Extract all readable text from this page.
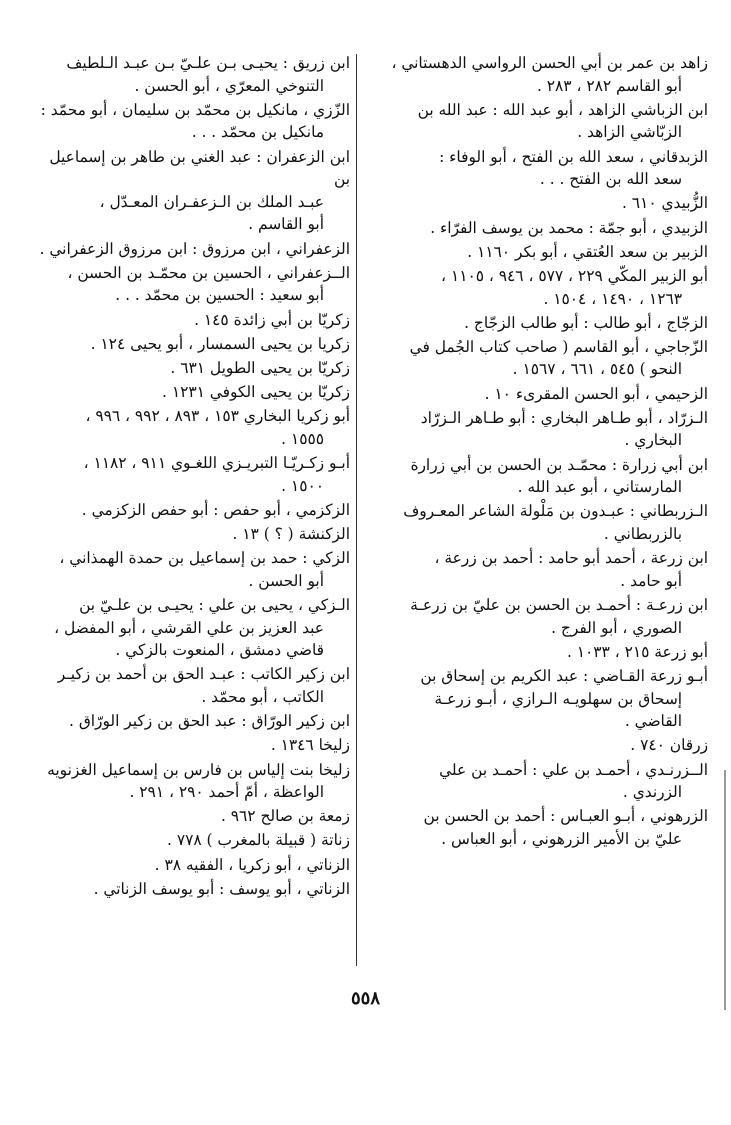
زاهد بن عمر بن أبي الحسن الرواسي الدهستاني ،
أبو القاسم ٢٨٢ ، ٢٨٣ .
ابن الزباشي الزاهد ، أبو عبد الله : عبد الله بن
الزبّاشي الزاهد .
الزبدقاني ، سعد الله بن الفتح ، أبو الوفاء :
سعد الله بن الفتح . . .
الزُّبيدي ٦١٠ .
الزبيدي ، أبو جمّة : محمد بن يوسف الفرّاء .
الزبير بن سعد العُتقي ، أبو بكر ١١٦٠ .
أبو الزبير المكّي ٢٢٩ ، ٥٧٧ ، ٩٤٦ ، ١١٠٥ ،
١٢٦٣ ، ١٤٩٠ ، ١٥٠٤ .
الزجّاج ، أبو طالب : أبو طالب الزجّاج .
الزّجاجي ، أبو القاسم ( صاحب كتاب الجُمل في
النحو ) ٥٤٥ ، ٦٦١ ، ١٥٦٧ .
الزحيمي ، أبو الحسن المقرىء ١٠ .
الـزرّاد ، أبو طـاهر البخاري : أبو طـاهر الـزرّاد
البخاري .
ابن أبي زرارة : محمّـد بن الحسن بن أبي زرارة
المارستاني ، أبو عبد الله .
الـزربطاني : عبـدون بن مَلْولة الشاعر المعـروف
بالزربطاني .
ابن زرعة ، أحمد أبو حامد : أحمد بن زرعة ،
أبو حامد .
ابن زرعـة : أحمـد بن الحسن بن عليّ بن زرعـة
الصوري ، أبو الفرج .
أبو زرعة ٢١٥ ، ١٠٣٣ .
أبـو زرعة القـاضي : عبد الكريم بن إسحاق بن
إسحاق بن سهلويـه الـرازي ، أبـو زرعـة
القاضي .
زرقان ٧٤٠ .
الــزرنـدي ، أحمـد بن علي : أحمـد بن علي
الزرندي .
الزرهوني ، أبـو العبـاس : أحمد بن الحسن بن
عليّ بن الأمير الزرهوني ، أبو العباس .
ابن زريق : يحيـى بـن علـيّ بـن عبـد الـلطيف
التنوخي المعرّي ، أبو الحسن .
الزّزي ، مانكيل بن محمّد بن سليمان ، أبو محمّد :
مانكيل بن محمّد . . .
ابن الزعفران : عبد الغني بن طاهر بن إسماعيل بن
عبـد الملك بن الـزعفـران المعـدّل ،
أبو القاسم .
الزعفراني ، ابن مرزوق : ابن مرزوق الزعفراني .
الــزعفراني ، الحسين بن محمّـد بن الحسن ،
أبو سعيد : الحسين بن محمّد . . .
زكريّا بن أبي زائدة ١٤٥ .
زكريا بن يحيى السمسار ، أبو يحيى ١٢٤ .
زكريّا بن يحيى الطويل ٦٣١ .
زكريّا بن يحيى الكوفي ١٢٣١ .
أبو زكريا البخاري ١٥٣ ، ٨٩٣ ، ٩٩٢ ، ٩٩٦ ،
١٥٥٥ .
أبـو زكـريّـا التبريـزي اللغـوي ٩١١ ، ١١٨٢ ،
١٥٠٠ .
الزكزمي ، أبو حفص : أبو حفص الزكزمي .
الزكنشة ( ؟ ) ١٣ .
الزكي : حمد بن إسماعيل بن حمدة الهمذاني ،
أبو الحسن .
الـزكي ، يحيى بن علي : يحيـى بن علـيّ بن
عبد العزيز بن علي القرشي ، أبو المفضل ،
قاضي دمشق ، المنعوت بالزكي .
ابن زكير الكاتب : عبـد الحق بن أحمد بن زكيـر
الكاتب ، أبو محمّد .
ابن زكير الورّاق : عبد الحق بن زكير الورّاق .
زليخا ١٣٤٦ .
زليخا بنت إلياس بن فارس بن إسماعيل الغزنويه
الواعظة ، أمّ أحمد ٢٩٠ ، ٢٩١ .
زمعة بن صالح ٩٦٢ .
زناتة ( قبيلة بالمغرب ) ٧٧٨ .
الزناتي ، أبو زكريا ، الفقيه ٣٨ .
الزناتي ، أبو يوسف : أبو يوسف الزناتي .
٥٥٨
